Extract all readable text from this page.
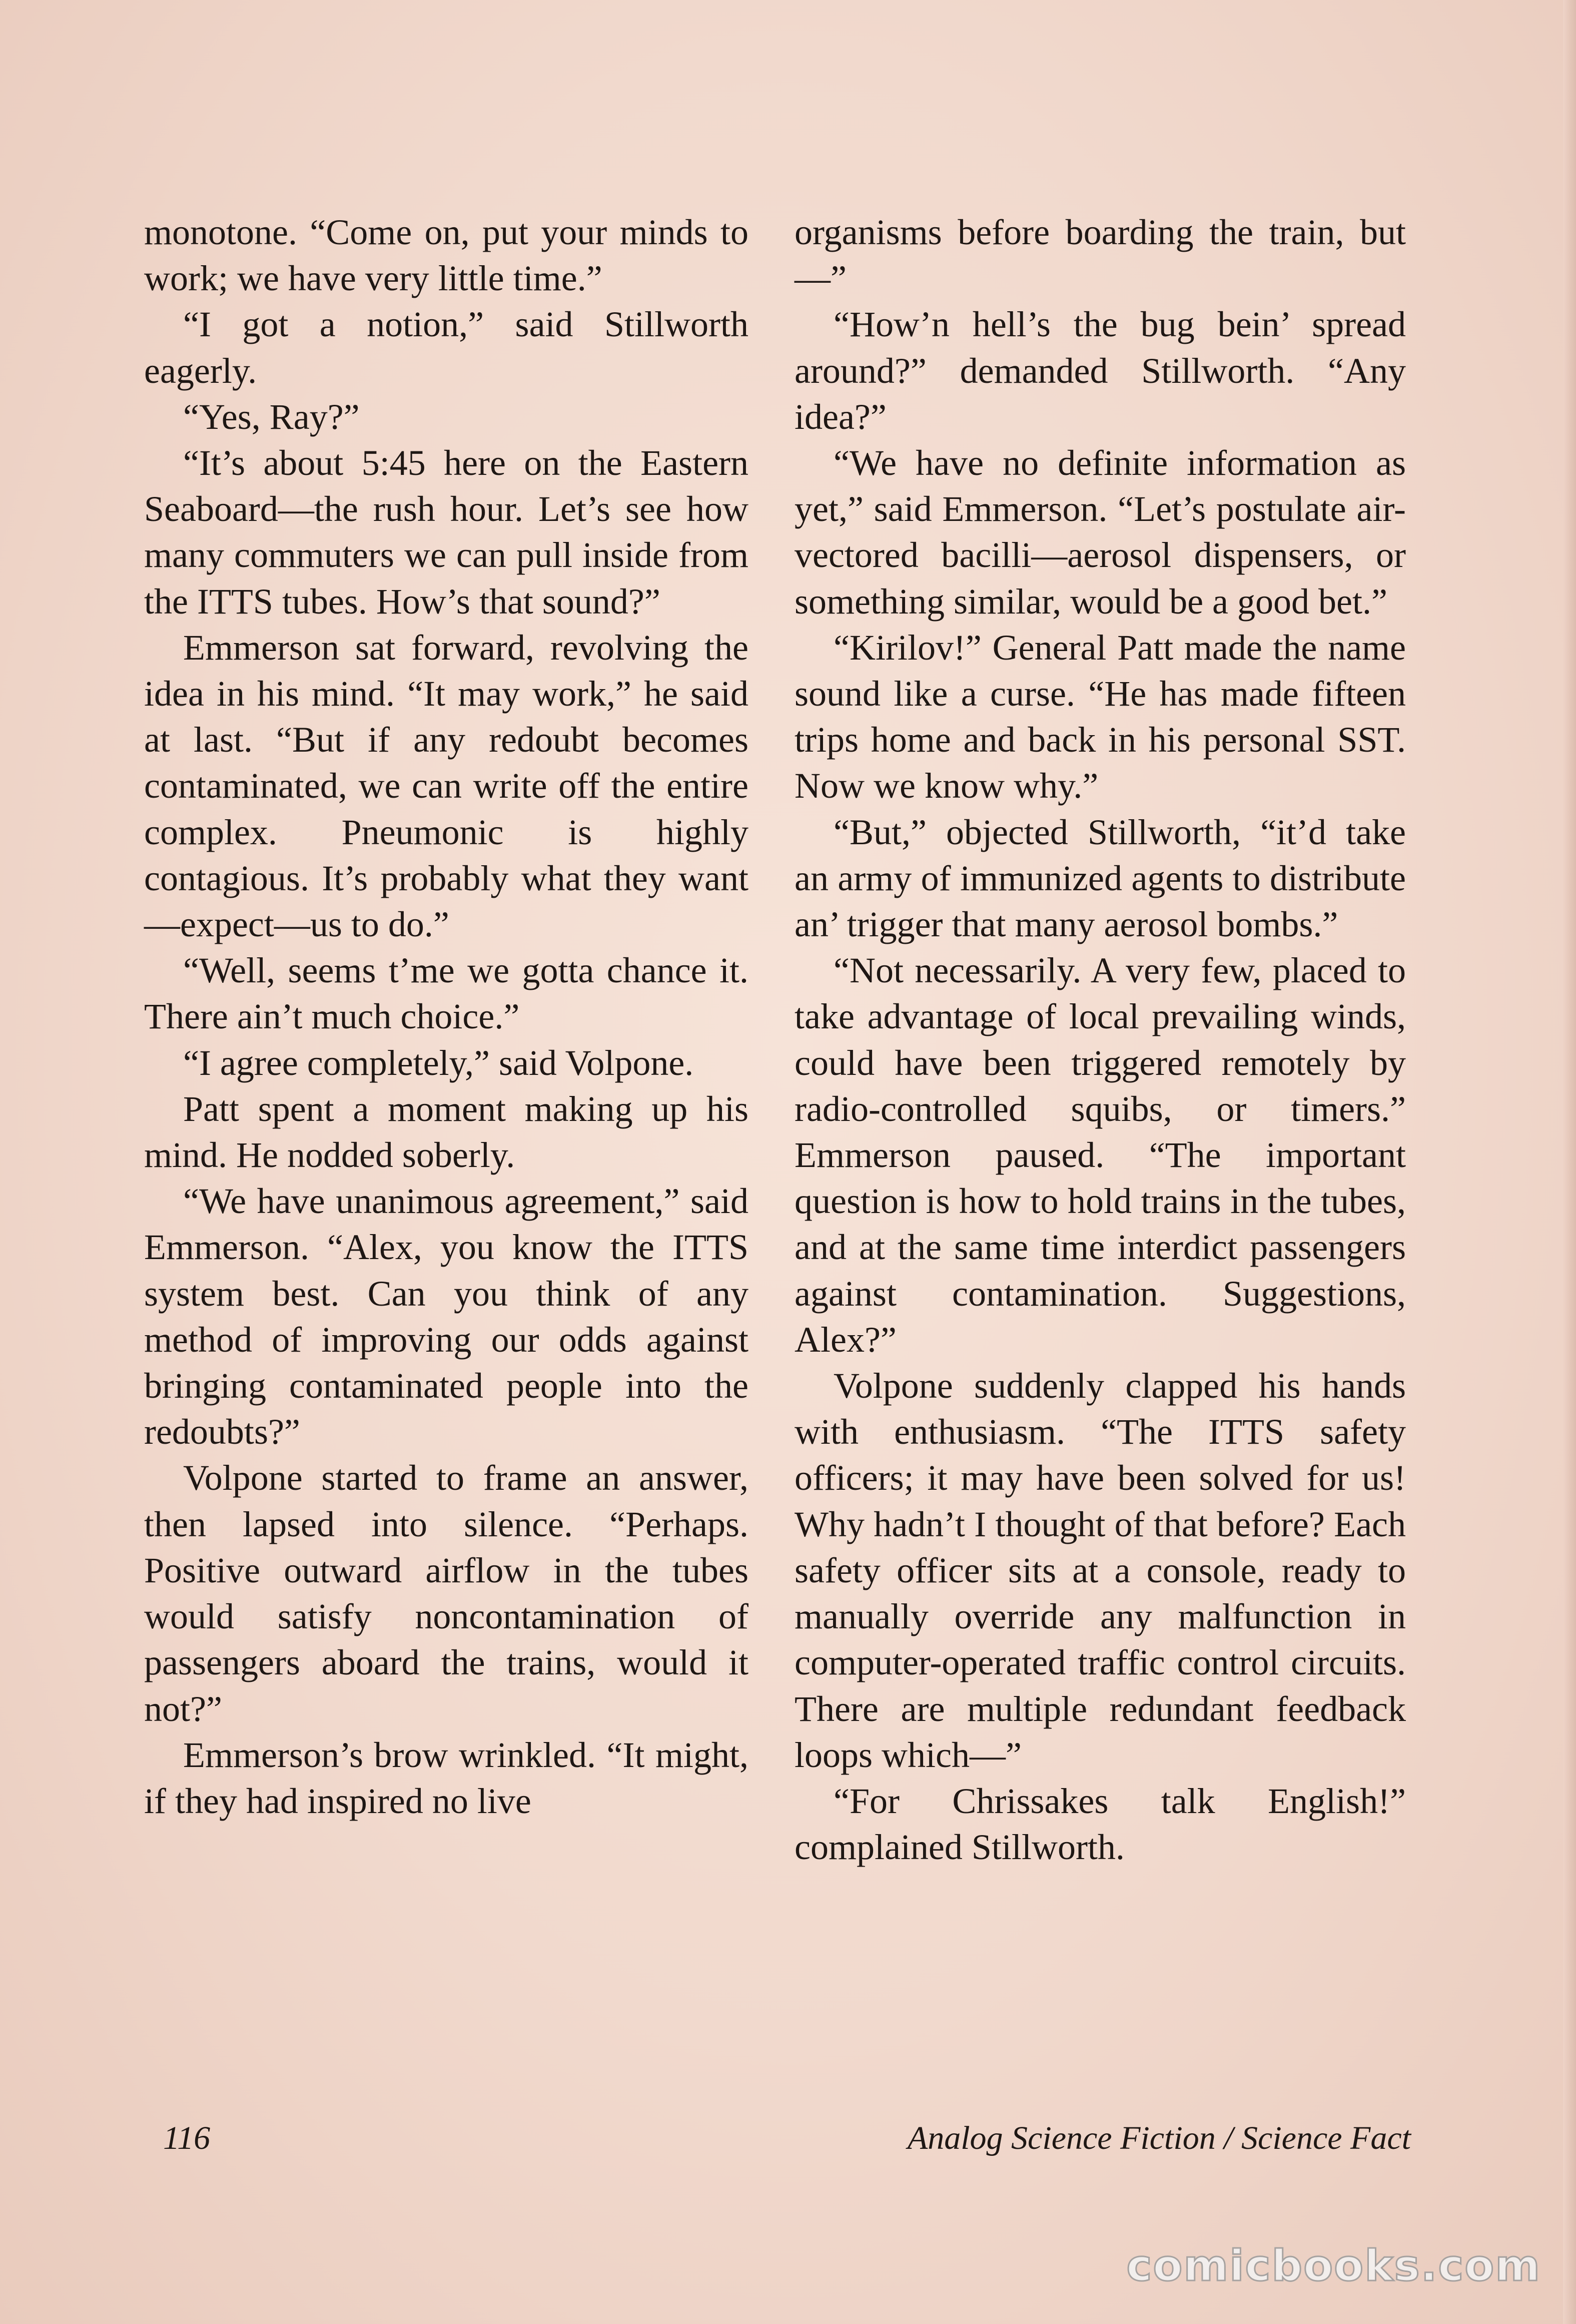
monotone. “Come on, put your minds to work; we have very little time.”

“I got a notion,” said Stillworth eagerly.

“Yes, Ray?”

“It’s about 5:45 here on the Eastern Seaboard—the rush hour. Let’s see how many commuters we can pull inside from the ITTS tubes. How’s that sound?”

Emmerson sat forward, revolving the idea in his mind. “It may work,” he said at last. “But if any redoubt becomes contaminated, we can write off the entire complex. Pneumonic is highly contagious. It’s probably what they want—expect—us to do.”

“Well, seems t’me we gotta chance it. There ain’t much choice.”

“I agree completely,” said Volpone.

Patt spent a moment making up his mind. He nodded soberly.

“We have unanimous agreement,” said Emmerson. “Alex, you know the ITTS system best. Can you think of any method of improving our odds against bringing contaminated people into the redoubts?”

Volpone started to frame an answer, then lapsed into silence. “Perhaps. Positive outward airflow in the tubes would satisfy noncontamination of passengers aboard the trains, would it not?”

Emmerson’s brow wrinkled. “It might, if they had inspired no live

organisms before boarding the train, but—”

“How’n hell’s the bug bein’ spread around?” demanded Stillworth. “Any idea?”

“We have no definite information as yet,” said Emmerson. “Let’s postulate air-vectored bacilli—aerosol dispensers, or something similar, would be a good bet.”

“Kirilov!” General Patt made the name sound like a curse. “He has made fifteen trips home and back in his personal SST. Now we know why.”

“But,” objected Stillworth, “it’d take an army of immunized agents to distribute an’ trigger that many aerosol bombs.”

“Not necessarily. A very few, placed to take advantage of local prevailing winds, could have been triggered remotely by radio-controlled squibs, or timers.” Emmerson paused. “The important question is how to hold trains in the tubes, and at the same time interdict passengers against contamination. Suggestions, Alex?”

Volpone suddenly clapped his hands with enthusiasm. “The ITTS safety officers; it may have been solved for us! Why hadn’t I thought of that before? Each safety officer sits at a console, ready to manually override any malfunction in computer-operated traffic control circuits. There are multiple redundant feedback loops which—”

“For Chrissakes talk English!” complained Stillworth.

116	Analog Science Fiction / Science Fact
comicbooks.com
